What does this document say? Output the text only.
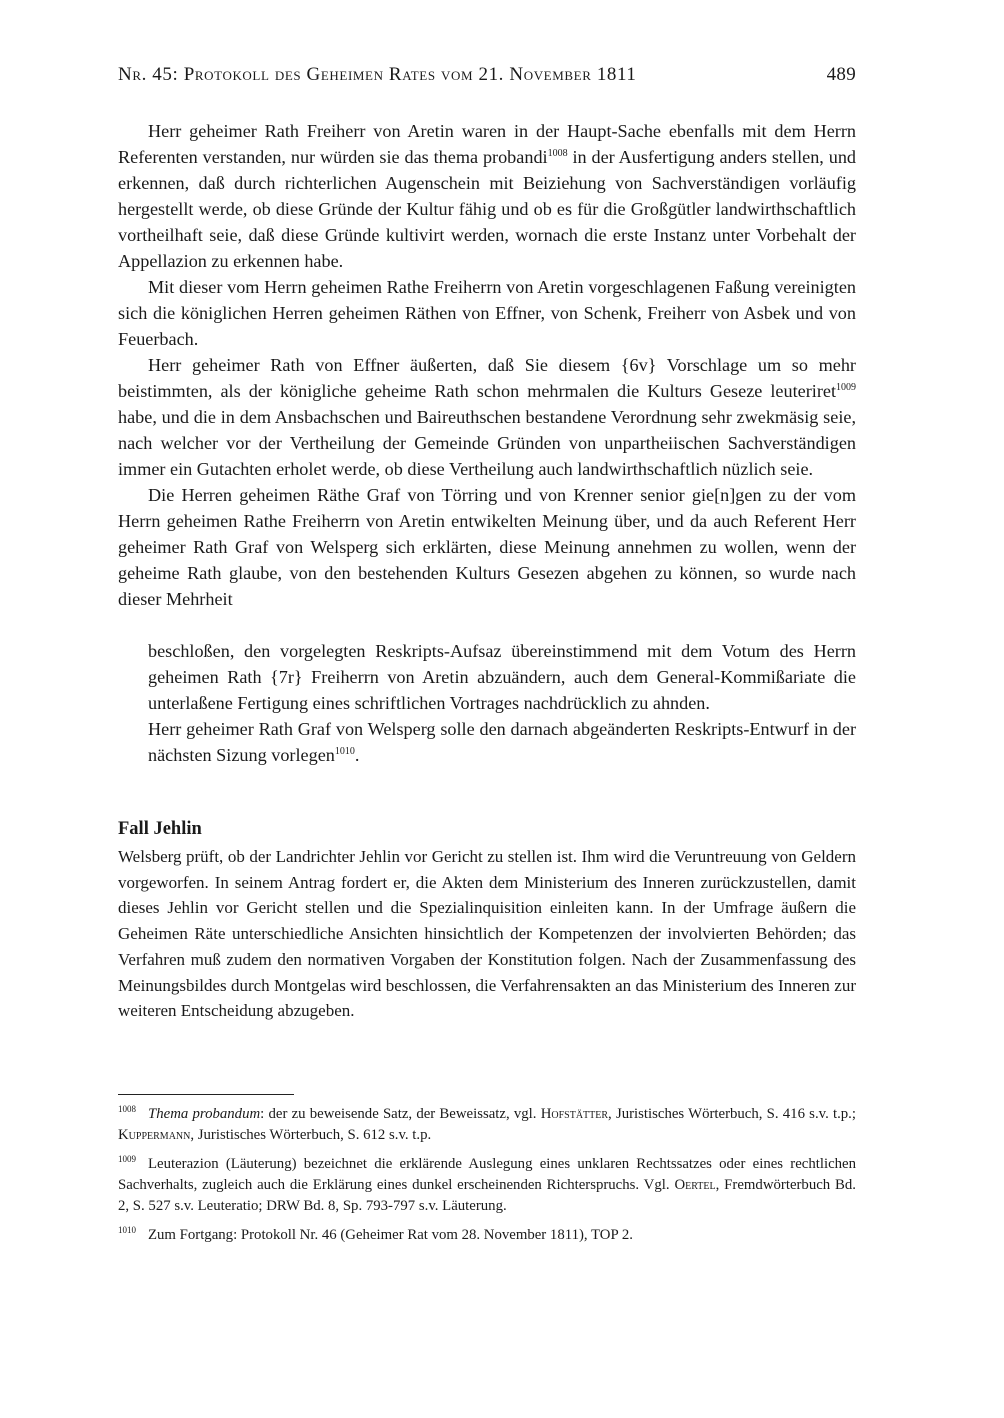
Nr. 45: Protokoll des Geheimen Rates vom 21. November 1811	489

Herr geheimer Rath Freiherr von Aretin waren in der Haupt-Sache ebenfalls mit dem Herrn Referenten verstanden, nur würden sie das thema probandi$^{1008}$ in der Ausfertigung anders stellen, und erkennen, daß durch richterlichen Augenschein mit Beiziehung von Sachverständigen vorläufig hergestellt werde, ob diese Gründe der Kultur fähig und ob es für die Großgütler landwirthschaftlich vortheilhaft seie, daß diese Gründe kultivirt werden, wornach die erste Instanz unter Vorbehalt der Appellazion zu erkennen habe.

Mit dieser vom Herrn geheimen Rathe Freiherrn von Aretin vorgeschlagenen Faßung vereinigten sich die königlichen Herren geheimen Räthen von Effner, von Schenk, Freiherr von Asbek und von Feuerbach.

Herr geheimer Rath von Effner äußerten, daß Sie diesem {6v} Vorschlage um so mehr beistimmten, als der königliche geheime Rath schon mehrmalen die Kulturs Geseze leuteriret$^{1009}$ habe, und die in dem Ansbachschen und Baireuthschen bestandene Verordnung sehr zwekmäsig seie, nach welcher vor der Vertheilung der Gemeinde Gründen von unpartheiischen Sachverständigen immer ein Gutachten erholet werde, ob diese Vertheilung auch landwirthschaftlich nüzlich seie.

Die Herren geheimen Räthe Graf von Törring und von Krenner senior gie[n]gen zu der vom Herrn geheimen Rathe Freiherrn von Aretin entwikelten Meinung über, und da auch Referent Herr geheimer Rath Graf von Welsperg sich erklärten, diese Meinung annehmen zu wollen, wenn der geheime Rath glaube, von den bestehenden Kulturs Gesezen abgehen zu können, so wurde nach dieser Mehrheit

beschloßen, den vorgelegten Reskripts-Aufsaz übereinstimmend mit dem Votum des Herrn geheimen Rath {7r} Freiherrn von Aretin abzuändern, auch dem General-Kommißariate die unterlaßene Fertigung eines schriftlichen Vortrages nachdrücklich zu ahnden.

Herr geheimer Rath Graf von Welsperg solle den darnach abgeänderten Reskripts-Entwurf in der nächsten Sizung vorlegen$^{1010}$.

Fall Jehlin
Welsberg prüft, ob der Landrichter Jehlin vor Gericht zu stellen ist. Ihm wird die Veruntreuung von Geldern vorgeworfen. In seinem Antrag fordert er, die Akten dem Ministerium des Inneren zurückzustellen, damit dieses Jehlin vor Gericht stellen und die Spezialinquisition einleiten kann. In der Umfrage äußern die Geheimen Räte unterschiedliche Ansichten hinsichtlich der Kompetenzen der involvierten Behörden; das Verfahren muß zudem den normativen Vorgaben der Konstitution folgen. Nach der Zusammenfassung des Meinungsbildes durch Montgelas wird beschlossen, die Verfahrensakten an das Ministerium des Inneren zur weiteren Entscheidung abzugeben.

$^{1008}$ Thema probandum: der zu beweisende Satz, der Beweissatz, vgl. Hofstätter, Juristisches Wörterbuch, S. 416 s.v. t.p.; Kuppermann, Juristisches Wörterbuch, S. 612 s.v. t.p.

$^{1009}$ Leuterazion (Läuterung) bezeichnet die erklärende Auslegung eines unklaren Rechtssatzes oder eines rechtlichen Sachverhalts, zugleich auch die Erklärung eines dunkel erscheinenden Richterspruchs. Vgl. Oertel, Fremdwörterbuch Bd. 2, S. 527 s.v. Leuteratio; DRW Bd. 8, Sp. 793-797 s.v. Läuterung.

$^{1010}$ Zum Fortgang: Protokoll Nr. 46 (Geheimer Rat vom 28. November 1811), TOP 2.
